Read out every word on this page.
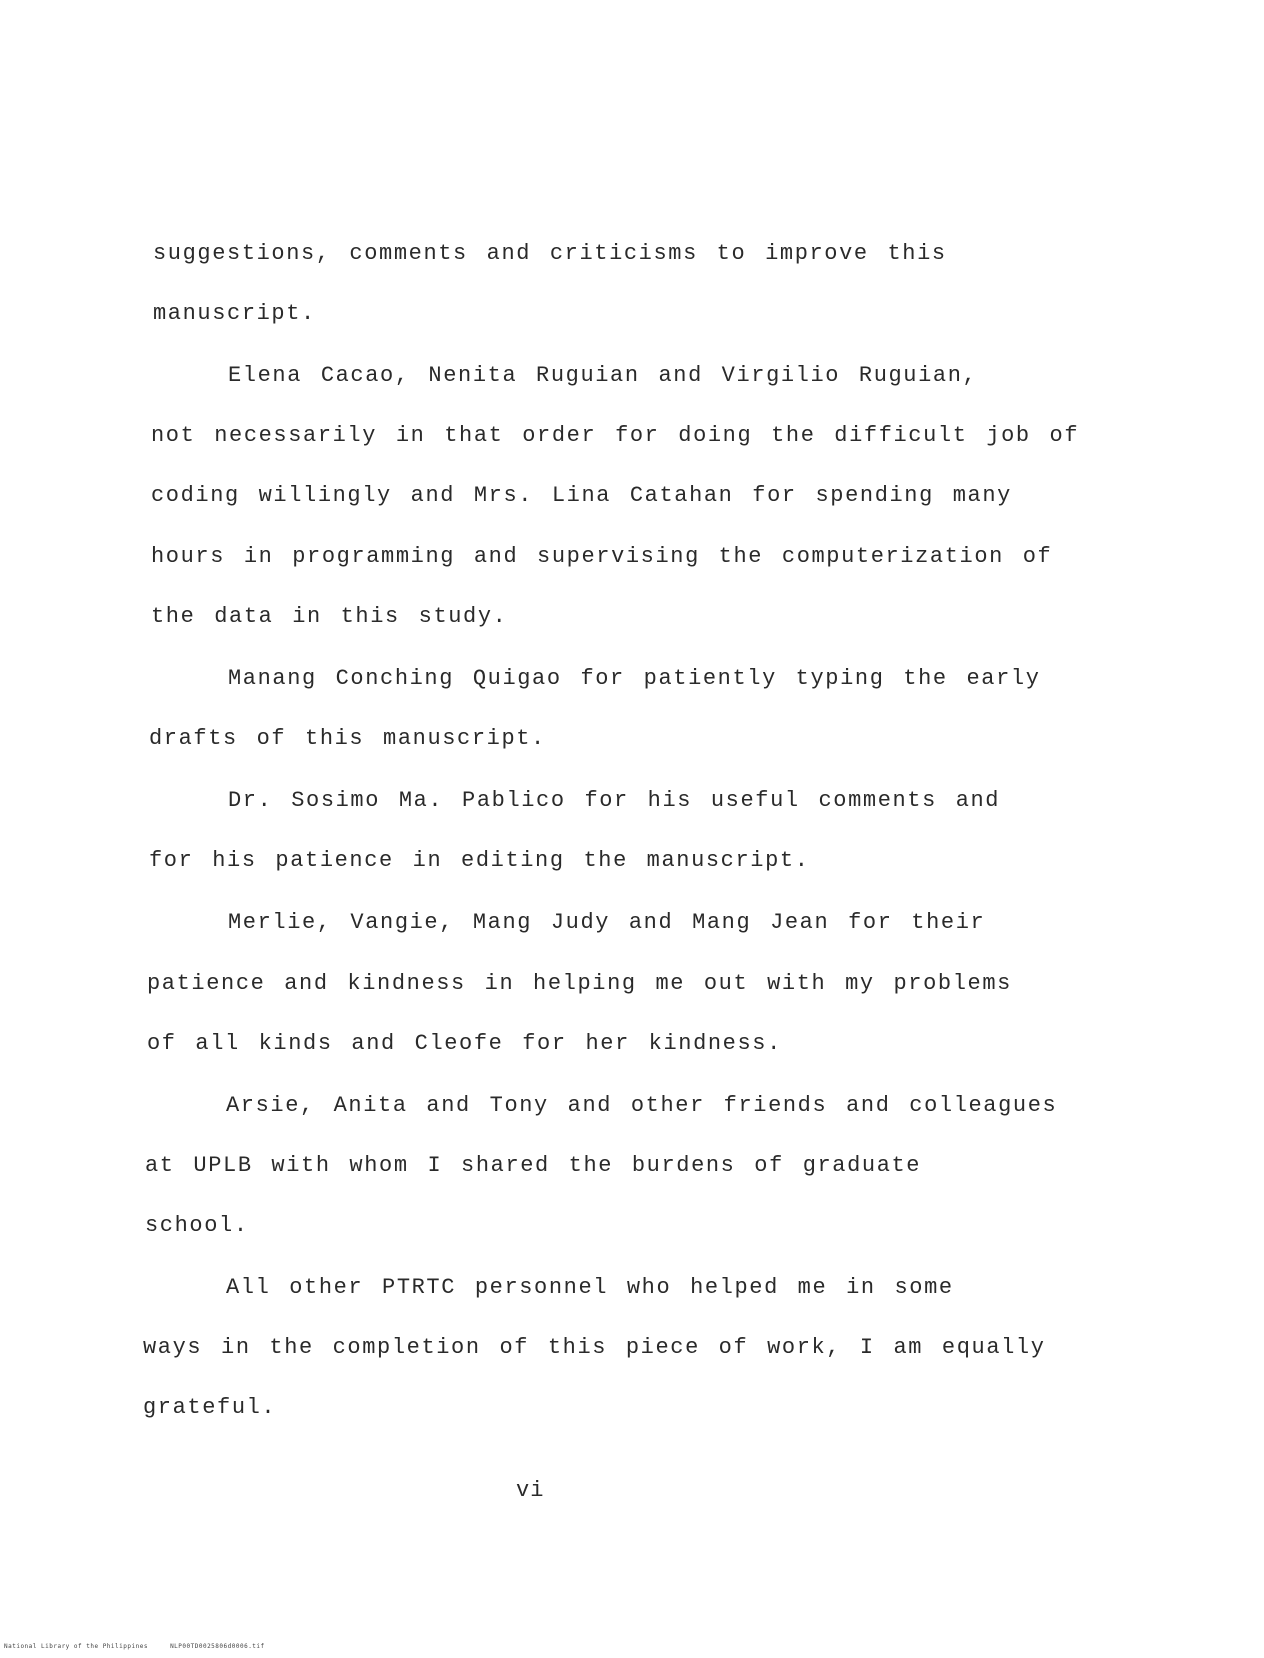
suggestions, comments and criticisms to improve this
manuscript.
Elena Cacao, Nenita Ruguian and Virgilio Ruguian,
not necessarily in that order for doing the difficult job of
coding willingly and Mrs. Lina Catahan for spending many
hours in programming and supervising the computerization of
the data in this study.
Manang Conching Quigao for patiently typing the early
drafts of this manuscript.
Dr. Sosimo Ma. Pablico for his useful comments and
for his patience in editing the manuscript.
Merlie, Vangie, Mang Judy and Mang Jean for their
patience and kindness in helping me out with my problems
of all kinds and Cleofe for her kindness.
Arsie, Anita and Tony and other friends and colleagues
at UPLB with whom I shared the burdens of graduate
school.
All other PTRTC personnel who helped me in some
ways in the completion of this piece of work, I am equally
grateful.
vi
National Library of the Philippines	NLP00TD0025806d0006.tif
